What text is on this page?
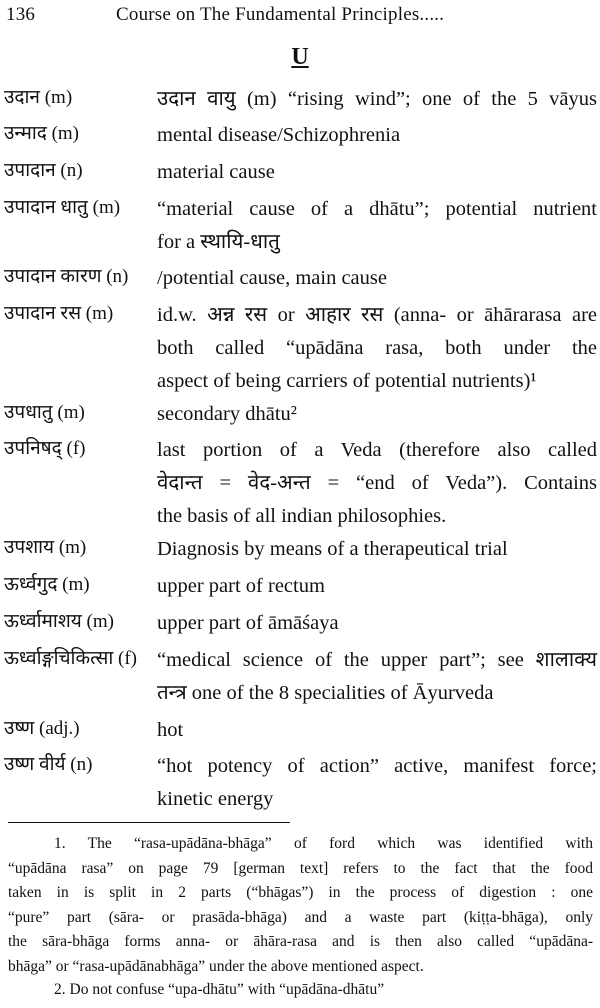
136	Course on The Fundamental Principles.....
U
उदान (m)	उदान वायु (m) “rising wind”; one of the 5 vāyus
उन्माद (m)	mental disease/Schizophrenia
उपादान (n)	material cause
उपादान धातु (m)	“material cause of a dhātu”; potential nutrient
for a स्थायि-धातु
उपादान कारण (n)	/potential cause, main cause
उपादान रस (m)	id.w. अन्न रस or आहार रस (anna- or āhārarasa are
both called “upādāna rasa, both under the
aspect of being carriers of potential nutrients)¹
उपधातु (m)	secondary dhātu²
उपनिषद् (f)	last portion of a Veda (therefore also called
वेदान्त = वेद-अन्त = “end of Veda”). Contains
the basis of all indian philosophies.
उपशाय (m)	Diagnosis by means of a therapeutical trial
ऊर्ध्वगुद (m)	upper part of rectum
ऊर्ध्वामाशय (m)	upper part of āmāśaya
ऊर्ध्वाङ्गचिकित्सा (f) “medical science of the upper part”; see शालाक्य
तन्त्र one of the 8 specialities of Āyurveda
उष्ण (adj.)	hot
उष्ण वीर्य (n)	“hot potency of action” active, manifest force;
kinetic energy
1. The “rasa-upādāna-bhāga” of ford which was identified with
“upādāna rasa” on page 79 [german text] refers to the fact that the food
taken in is split in 2 parts (“bhāgas”) in the process of digestion : one
“pure” part (sāra- or prasāda-bhāga) and a waste part (kiṭṭa-bhāga), only
the sāra-bhāga forms anna- or āhāra-rasa and is then also called “upādāna-
bhāga” or “rasa-upādānabhāga” under the above mentioned aspect.
2. Do not confuse “upa-dhātu” with “upādāna-dhātu”
